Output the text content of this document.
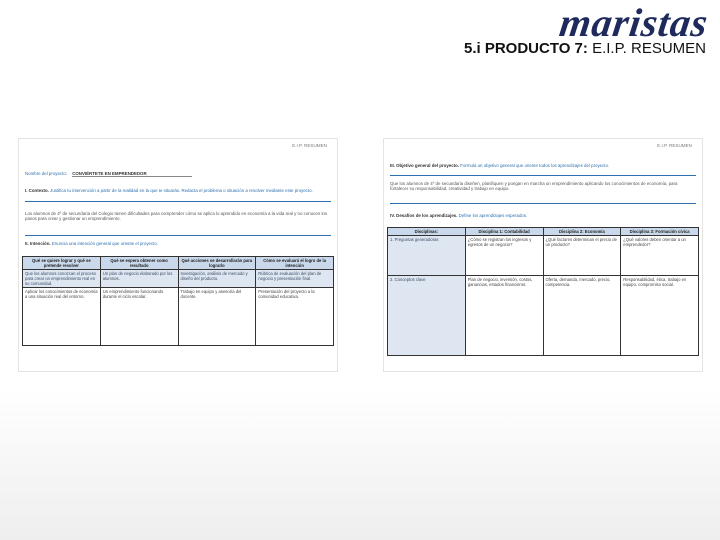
maristas
5.i PRODUCTO 7: E.I.P. RESUMEN
E.I.P. RESUMEN
Nombre del proyecto: CONVIÉRTETE EN EMPRENDEDOR
I. Contexto. Justifica tu intervención a partir de la realidad en la que te situarás. Redacta el problema o situación a resolver mediante este proyecto.
Los alumnos de 4º de secundaria del Colegio tienen dificultades para comprender cómo se aplica lo aprendido en economía a la vida real y no conocen los pasos para crear y gestionar un emprendimiento.
II. Intención. Enuncia una intención general que oriente el proyecto.
Qué se quiere lograr y qué se pretende resolver	Qué se espera obtener como resultado	Qué acciones se desarrollarán para lograrlo	Cómo se evaluará el logro de la intención
Que los alumnos conozcan el proceso para crear un emprendimiento real en su comunidad.	Un plan de negocio elaborado por los alumnos.	Investigación, análisis de mercado y diseño del producto.	Rúbrica de evaluación del plan de negocio y presentación final.
Aplicar los conocimientos de economía a una situación real del entorno.	Un emprendimiento funcionando durante el ciclo escolar.	Trabajo en equipo y asesoría del docente.	Presentación del proyecto a la comunidad educativa.
E.I.P. RESUMEN
III. Objetivo general del proyecto. Formula un objetivo general que oriente todos los aprendizajes del proyecto.
Que los alumnos de 4º de secundaria diseñen, planifiquen y pongan en marcha un emprendimiento aplicando los conocimientos de economía, para fortalecer su responsabilidad, creatividad y trabajo en equipo.
IV. Desafíos de los aprendizajes. Define los aprendizajes esperados.
Disciplinas:	Disciplina 1: Contabilidad	Disciplina 2: Economía	Disciplina 3: Formación cívica
1. Preguntas generadoras	¿Cómo se registran los ingresos y egresos de un negocio?	¿Qué factores determinan el precio de un producto?	¿Qué valores deben orientar a un emprendedor?
2. Conceptos clave	Plan de negocio, inversión, costos, ganancias, estados financieros.	Oferta, demanda, mercado, precio, competencia.	Responsabilidad, ética, trabajo en equipo, compromiso social.
